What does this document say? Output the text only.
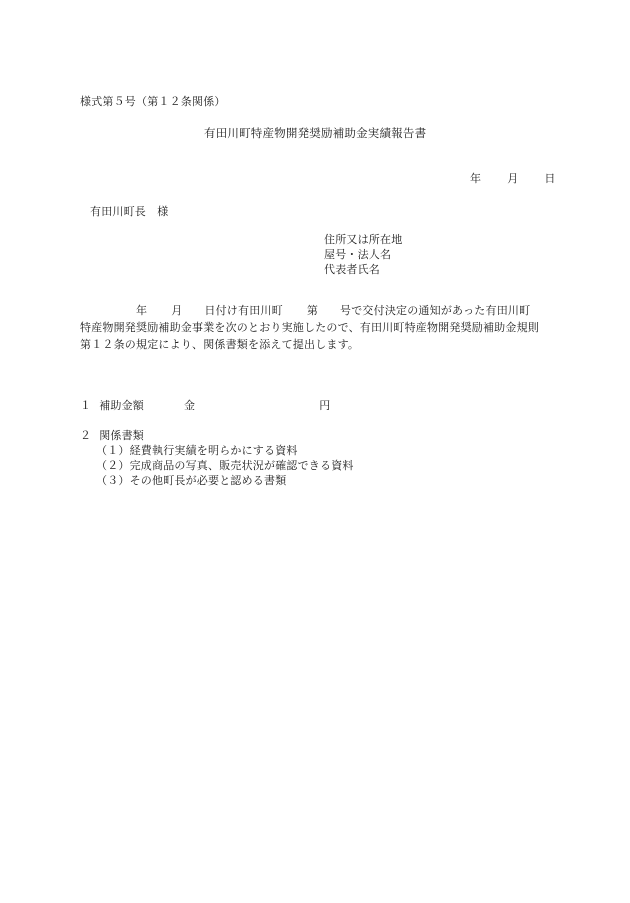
様式第５号（第１２条関係）
有田川町特産物開発奨励補助金実績報告書
年 月 日
有田川町長　様
住所又は所在地
屋号・法人名
代表者氏名
年 月 日付け有田川町 第 号で交付決定の通知があった有田川町
特産物開発奨励補助金事業を次のとおり実施したので、有田川町特産物開発奨励補助金規則
第１２条の規定により、関係書類を添えて提出します。
１ 補助金額	金	円
２ 関係書類
（１）経費執行実績を明らかにする資料
（２）完成商品の写真、販売状況が確認できる資料
（３）その他町長が必要と認める書類
